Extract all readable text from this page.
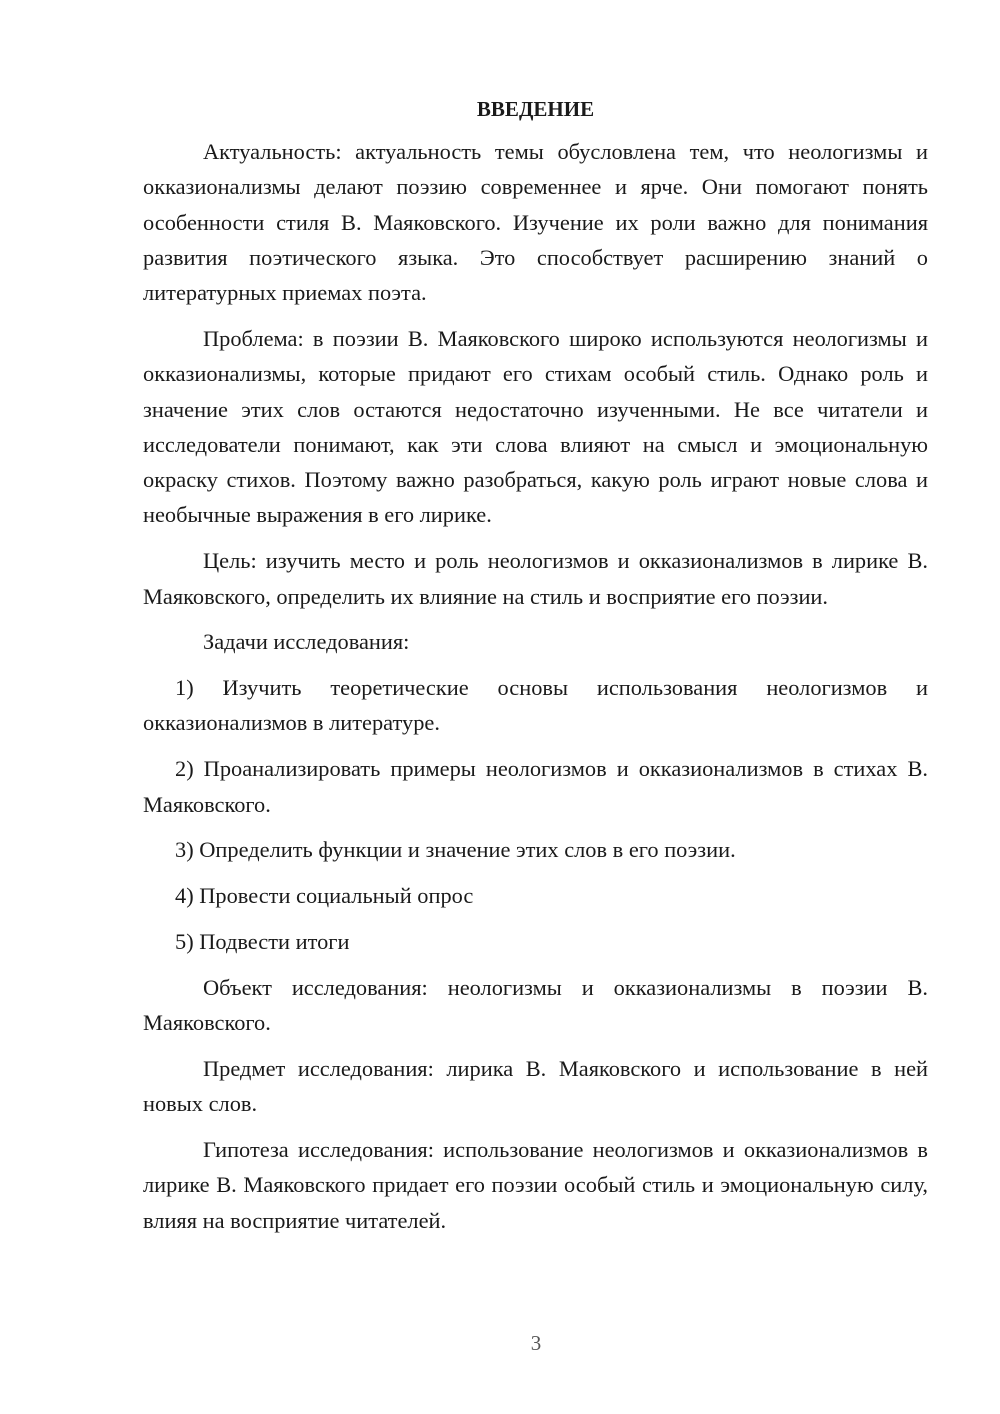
ВВЕДЕНИЕ

Актуальность: актуальность темы обусловлена тем, что неологизмы и окказионализмы делают поэзию современнее и ярче. Они помогают понять особенности стиля В. Маяковского. Изучение их роли важно для понимания развития поэтического языка. Это способствует расширению знаний о литературных приемах поэта.

Проблема: в поэзии В. Маяковского широко используются неологизмы и окказионализмы, которые придают его стихам особый стиль. Однако роль и значение этих слов остаются недостаточно изученными. Не все читатели и исследователи понимают, как эти слова влияют на смысл и эмоциональную окраску стихов. Поэтому важно разобраться, какую роль играют новые слова и необычные выражения в его лирике.

Цель: изучить место и роль неологизмов и окказионализмов в лирике В. Маяковского, определить их влияние на стиль и восприятие его поэзии.

Задачи исследования:

1) Изучить теоретические основы использования неологизмов и окказионализмов в литературе.

2) Проанализировать примеры неологизмов и окказионализмов в стихах В. Маяковского.

3) Определить функции и значение этих слов в его поэзии.

4) Провести социальный опрос

5) Подвести итоги

Объект исследования: неологизмы и окказионализмы в поэзии В. Маяковского.

Предмет исследования: лирика В. Маяковского и использование в ней новых слов.

Гипотеза исследования: использование неологизмов и окказионализмов в лирике В. Маяковского придает его поэзии особый стиль и эмоциональную силу, влияя на восприятие читателей.

3
